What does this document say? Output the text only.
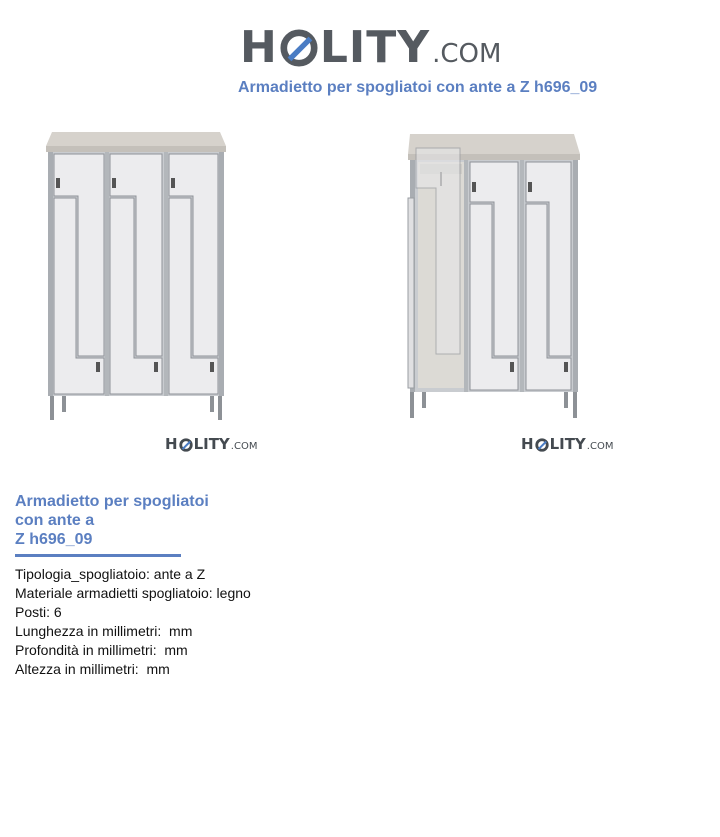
H LITY .COM
Armadietto per spogliatoi con ante a Z h696_09
H LITY .COM	H LITY .COM
Armadietto per spogliatoi
con ante a
Z h696_09
Tipologia_spogliatoio: ante a Z
Materiale armadietti spogliatoio: legno
Posti: 6
Lunghezza in millimetri:  mm
Profondità in millimetri:  mm
Altezza in millimetri:  mm
